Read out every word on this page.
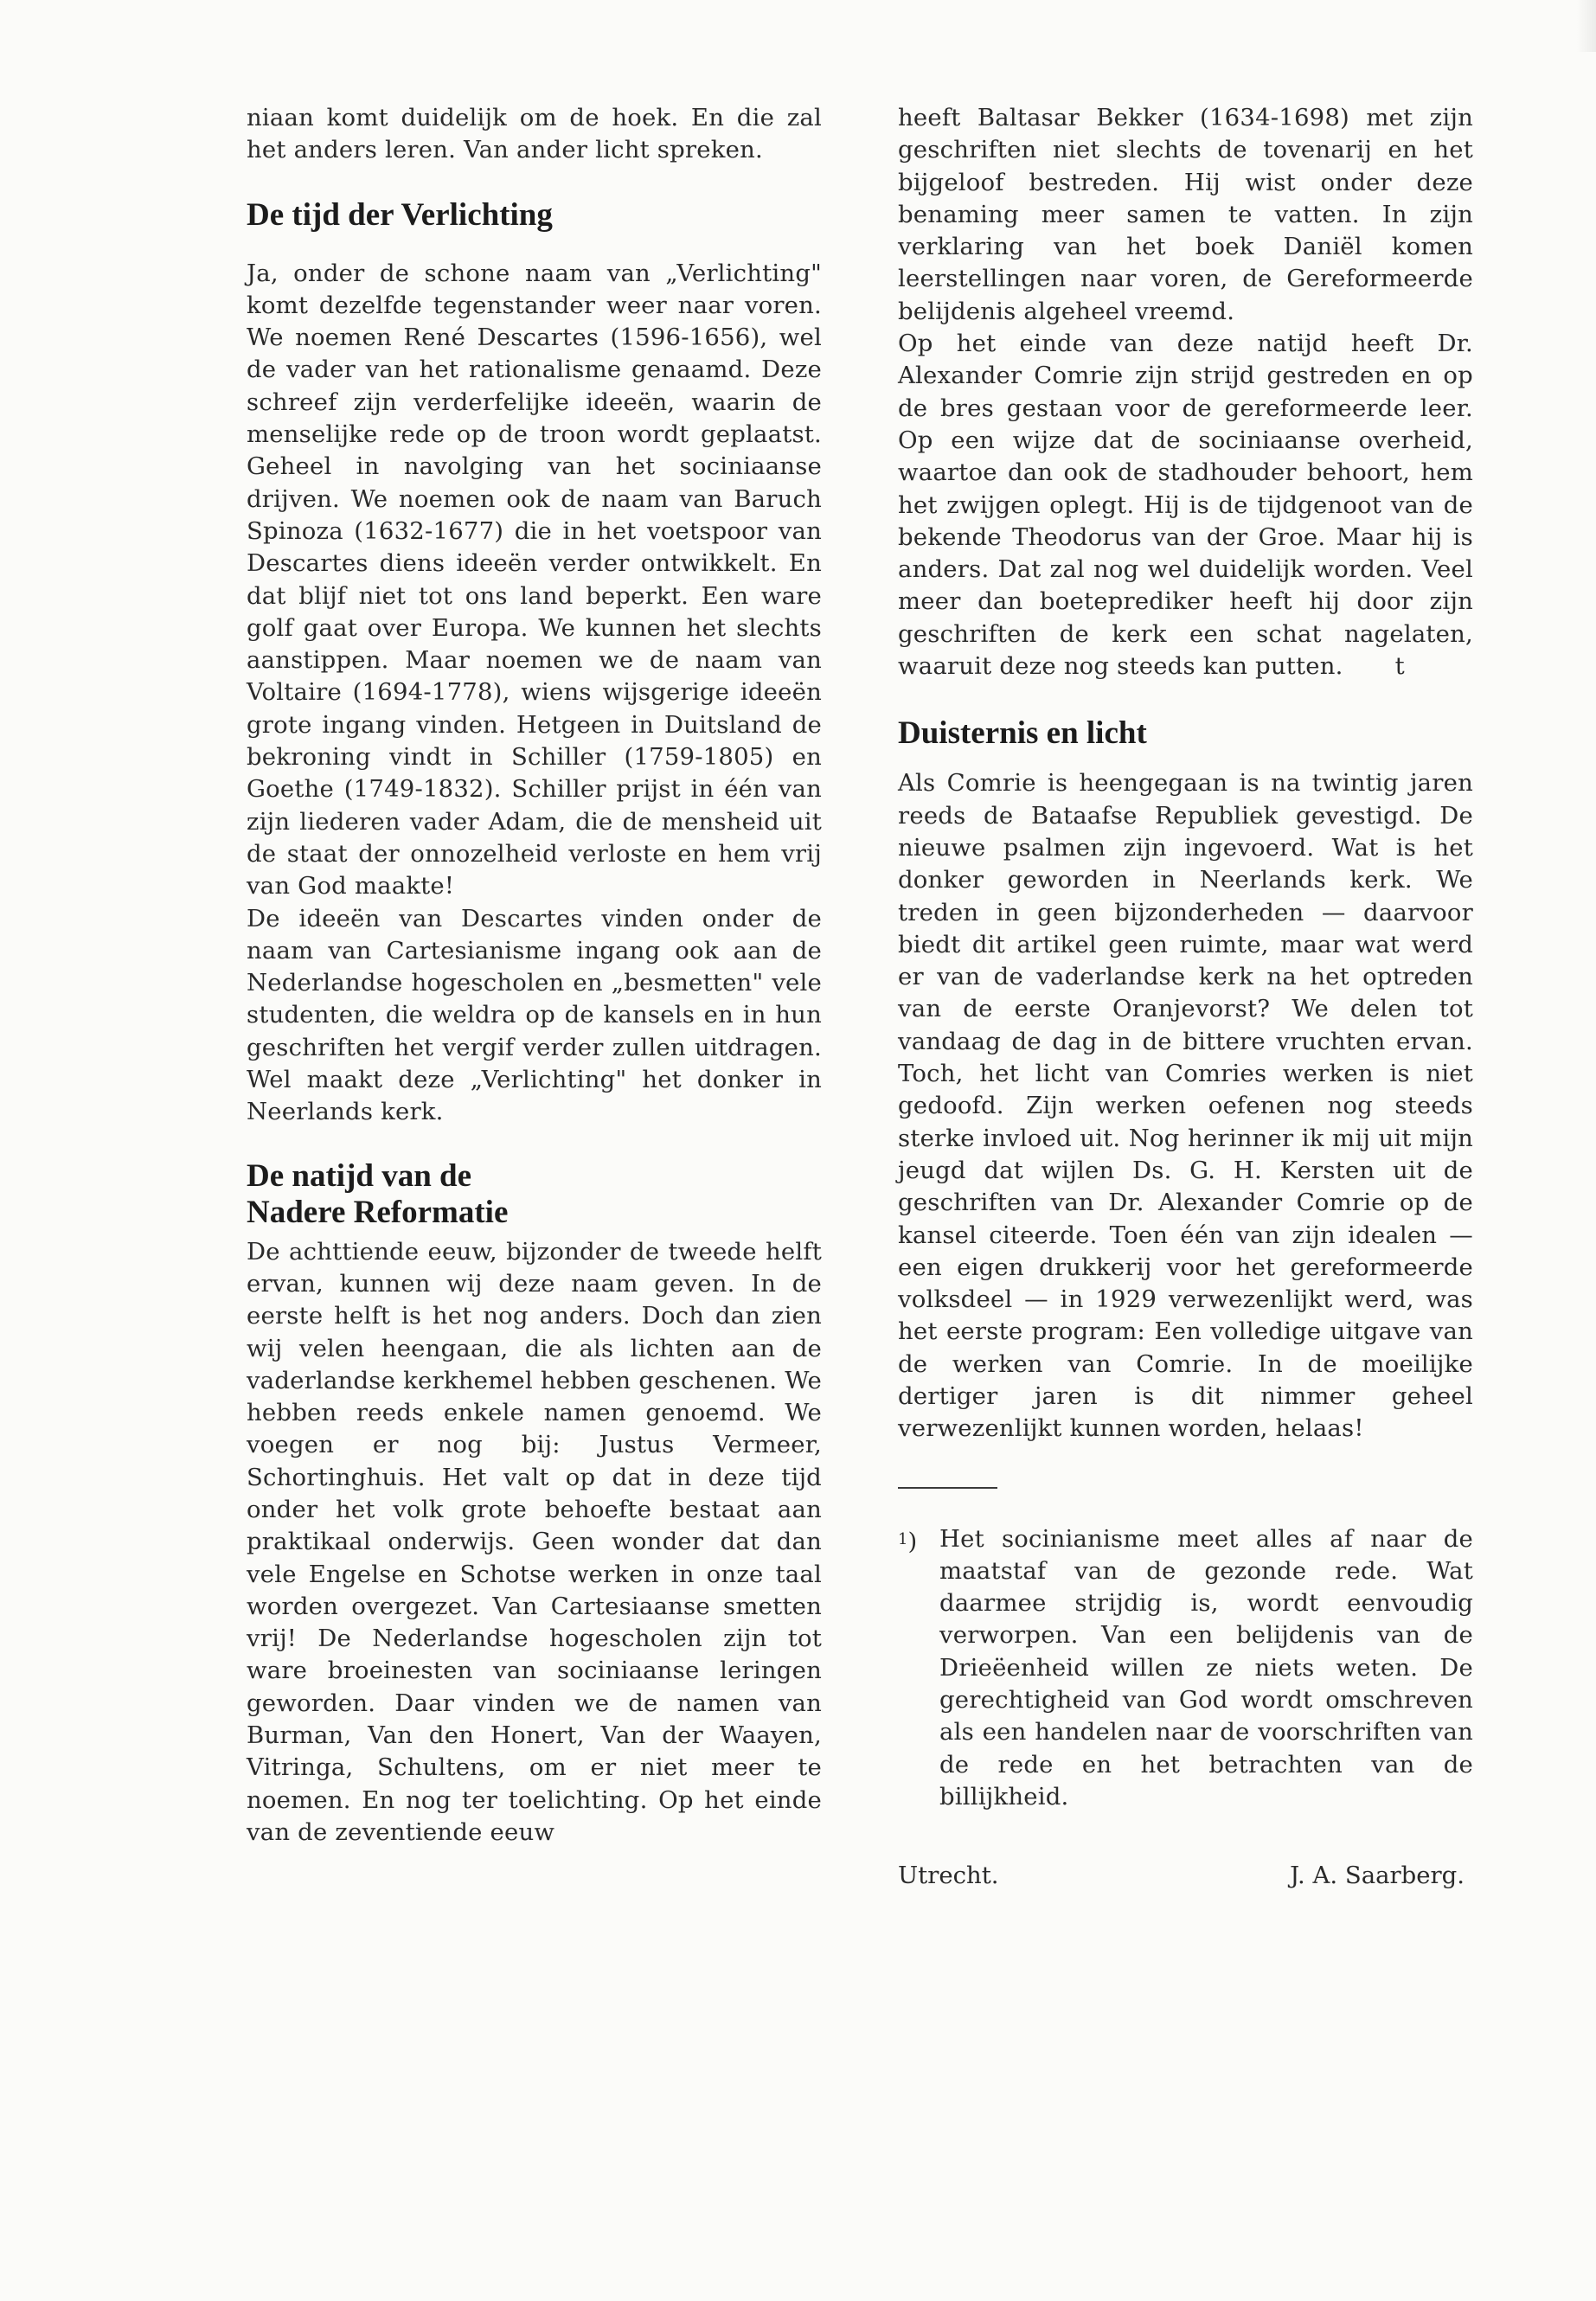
niaan komt duidelijk om de hoek. En die zal het anders leren. Van ander licht spreken.

De tijd der Verlichting

Ja, onder de schone naam van „Verlichting" komt dezelfde tegenstander weer naar voren. We noemen René Descartes (1596-1656), wel de vader van het rationalisme genaamd. Deze schreef zijn verderfelijke ideeën, waarin de menselijke rede op de troon wordt geplaatst. Geheel in navolging van het sociniaanse drijven. We noemen ook de naam van Baruch Spinoza (1632-1677) die in het voetspoor van Descartes diens ideeën verder ontwikkelt. En dat blijf niet tot ons land beperkt. Een ware golf gaat over Europa. We kunnen het slechts aanstippen. Maar noemen we de naam van Voltaire (1694-1778), wiens wijsgerige ideeën grote ingang vinden. Hetgeen in Duitsland de bekroning vindt in Schiller (1759-1805) en Goethe (1749-1832). Schiller prijst in één van zijn liederen vader Adam, die de mensheid uit de staat der onnozelheid verloste en hem vrij van God maakte!

De ideeën van Descartes vinden onder de naam van Cartesianisme ingang ook aan de Nederlandse hogescholen en „besmetten" vele studenten, die weldra op de kansels en in hun geschriften het vergif verder zullen uitdragen. Wel maakt deze „Verlichting" het donker in Neerlands kerk.

De natijd van de
Nadere Reformatie

De achttiende eeuw, bijzonder de tweede helft ervan, kunnen wij deze naam geven. In de eerste helft is het nog anders. Doch dan zien wij velen heengaan, die als lichten aan de vaderlandse kerkhemel hebben geschenen. We hebben reeds enkele namen genoemd. We voegen er nog bij: Justus Vermeer, Schortinghuis. Het valt op dat in deze tijd onder het volk grote behoefte bestaat aan praktikaal onderwijs. Geen wonder dat dan vele Engelse en Schotse werken in onze taal worden overgezet. Van Cartesiaanse smetten vrij! De Nederlandse hogescholen zijn tot ware broeinesten van sociniaanse leringen geworden. Daar vinden we de namen van Burman, Van den Honert, Van der Waayen, Vitringa, Schultens, om er niet meer te noemen. En nog ter toelichting. Op het einde van de zeventiende eeuw

heeft Baltasar Bekker (1634-1698) met zijn geschriften niet slechts de tovenarij en het bijgeloof bestreden. Hij wist onder deze benaming meer samen te vatten. In zijn verklaring van het boek Daniël komen leerstellingen naar voren, de Gereformeerde belijdenis algeheel vreemd.

Op het einde van deze natijd heeft Dr. Alexander Comrie zijn strijd gestreden en op de bres gestaan voor de gereformeerde leer. Op een wijze dat de sociniaanse overheid, waartoe dan ook de stadhouder behoort, hem het zwijgen oplegt. Hij is de tijdgenoot van de bekende Theodorus van der Groe. Maar hij is anders. Dat zal nog wel duidelijk worden. Veel meer dan boeteprediker heeft hij door zijn geschriften de kerk een schat nagelaten, waaruit deze nog steeds kan putten. t

Duisternis en licht

Als Comrie is heengegaan is na twintig jaren reeds de Bataafse Republiek gevestigd. De nieuwe psalmen zijn ingevoerd. Wat is het donker geworden in Neerlands kerk. We treden in geen bijzonderheden — daarvoor biedt dit artikel geen ruimte, maar wat werd er van de vaderlandse kerk na het optreden van de eerste Oranjevorst? We delen tot vandaag de dag in de bittere vruchten ervan. Toch, het licht van Comries werken is niet gedoofd. Zijn werken oefenen nog steeds sterke invloed uit. Nog herinner ik mij uit mijn jeugd dat wijlen Ds. G. H. Kersten uit de geschriften van Dr. Alexander Comrie op de kansel citeerde. Toen één van zijn idealen — een eigen drukkerij voor het gereformeerde volksdeel — in 1929 verwezenlijkt werd, was het eerste program: Een volledige uitgave van de werken van Comrie. In de moeilijke dertiger jaren is dit nimmer geheel verwezenlijkt kunnen worden, helaas!

$^1$) Het socinianisme meet alles af naar de maatstaf van de gezonde rede. Wat daarmee strijdig is, wordt eenvoudig verworpen. Van een belijdenis van de Drieëenheid willen ze niets weten. De gerechtigheid van God wordt omschreven als een handelen naar de voorschriften van de rede en het betrachten van de billijkheid.

Utrecht.	J. A. Saarberg.
